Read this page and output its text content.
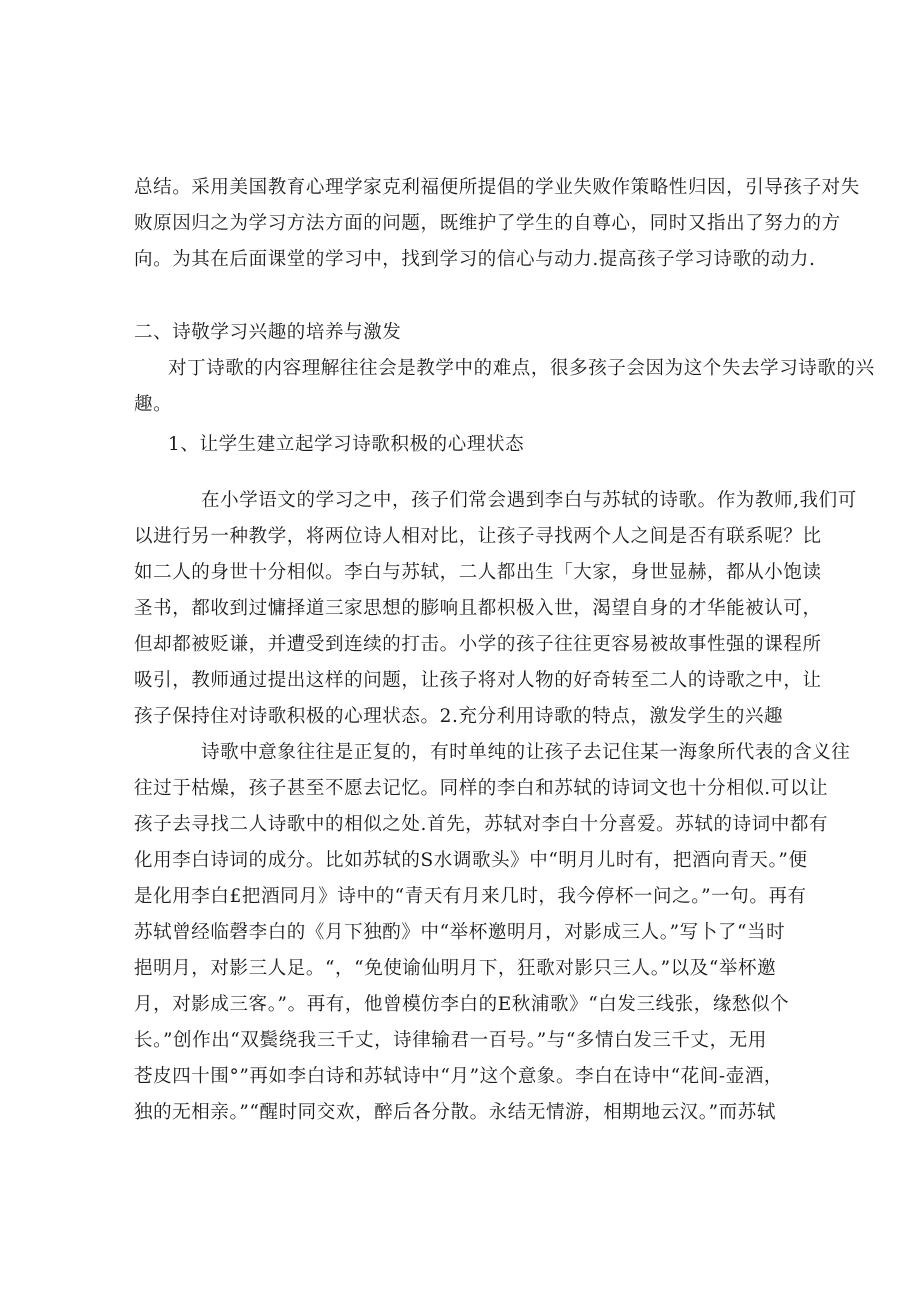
总结。采用美国教育心理学家克利福便所提倡的学业失败作策略性归因，引导孩子对失
败原因归之为学习方法方面的问题，既维护了学生的自尊心，同时又指出了努力的方
向。为其在后面课堂的学习中，找到学习的信心与动力.提高孩子学习诗歌的动力.
二、诗敬学习兴趣的培养与激发
对丁诗歌的内容理解往往会是教学中的难点，很多孩子会因为这个失去学习诗歌的兴
趣。
1、让学生建立起学习诗歌积极的心理状态
在小学语文的学习之中，孩子们常会遇到李白与苏轼的诗歌。作为教师,我们可
以进行另一种教学，将两位诗人相对比，让孩子寻找两个人之间是否有联系呢？比
如二人的身世十分相似。李白与苏轼，二人都出生「大家，身世显赫，都从小饱读
圣书，都收到过慵择道三家思想的膨响且都枳极入世，渴望自身的才华能被认可，
但却都被贬谦，并遭受到连续的打击。小学的孩子往往更容易被故事性强的课程所
吸引，教师通过提出这样的问题，让孩子将对人物的好奇转至二人的诗歌之中，让
孩子保持住对诗歌积极的心理状态。2.充分利用诗歌的特点，激发学生的兴趣
诗歌中意象往往是正复的，有时单纯的让孩子去记住某一海象所代表的含义往
往过于枯燥，孩子甚至不愿去记忆。同样的李白和苏轼的诗词文也十分相似.可以让
孩子去寻找二人诗歌中的相似之处.首先，苏轼对李白十分喜爱。苏轼的诗词中都有
化用李白诗词的成分。比如苏轼的S水调歌头》中“明月儿时有，把酒向青天。”便
是化用李白£把酒同月》诗中的“青天有月来几时，我今停杯一问之。”一句。再有
苏轼曾经临磬李白的《月下独酌》中“举杯邀明月，对影成三人。”写卜了“当时
挹明月，对影三人足。“，“免使谕仙明月下，狂歌对影只三人。”以及“举杯邀
月，对影成三客。”。再有，他曾模仿李白的E秋浦歌》“白发三线张，缘愁似个
长。”创作出“双鬓绕我三千丈，诗律输君一百号。”与“多情白发三千丈，无用
苍皮四十围°”再如李白诗和苏轼诗中“月”这个意象。李白在诗中“花间-壶酒，
独的无相亲。”“醒时同交欢，醉后各分散。永结无情游，相期地云汉。”而苏轼
